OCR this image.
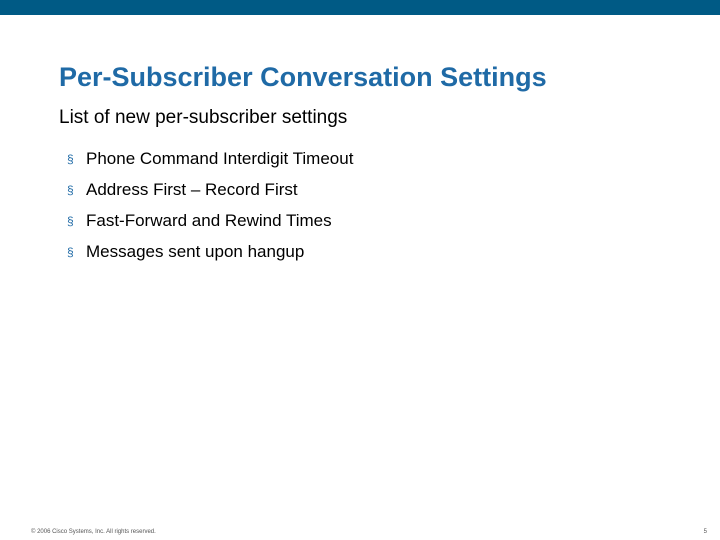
Per-Subscriber Conversation Settings

List of new per-subscriber settings

§ Phone Command Interdigit Timeout
§ Address First – Record First
§ Fast-Forward and Rewind Times
§ Messages sent upon hangup
© 2006 Cisco Systems, Inc. All rights reserved.	5
